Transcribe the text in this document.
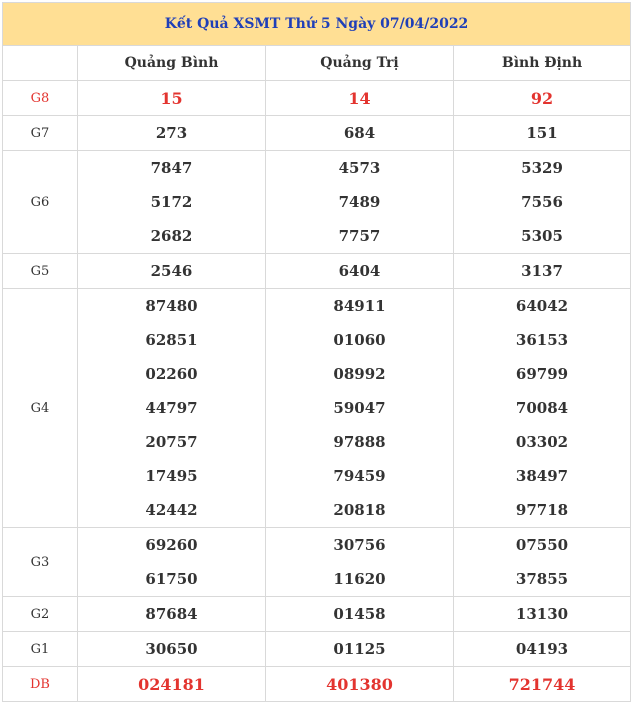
Kết Quả XSMT Thứ 5 Ngày 07/04/2022			
	Quảng Bình	Quảng Trị	Bình Định
G8	15	14	92
G7	273	684	151
G6	7847	4573	5329
	5172	7489	7556
	2682	7757	5305
G5	2546	6404	3137
G4	87480	84911	64042
	62851	01060	36153
	02260	08992	69799
	44797	59047	70084
	20757	97888	03302
	17495	79459	38497
	42442	20818	97718
G3	69260	30756	07550
	61750	11620	37855
G2	87684	01458	13130
G1	30650	01125	04193
DB	024181	401380	721744
